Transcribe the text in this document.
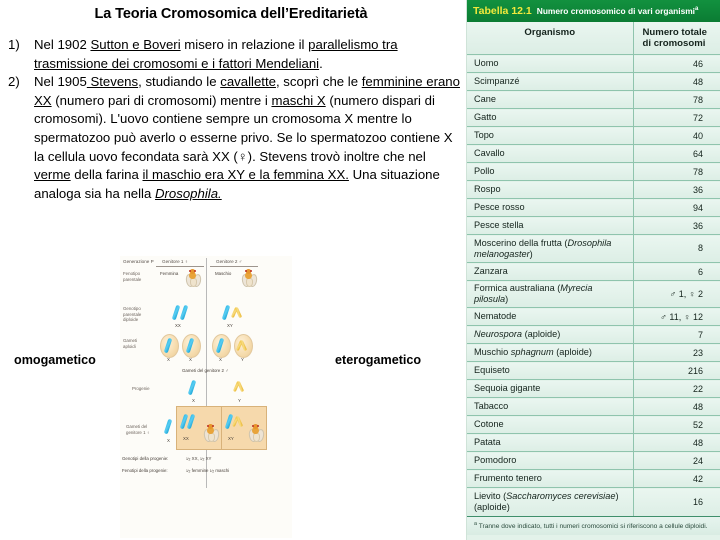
La Teoria Cromosomica dell’Ereditarietà
1)	Nel 1902 Sutton e Boveri misero in relazione il parallelismo tra trasmissione dei cromosomi e i fattori Mendeliani.
2)	Nel 1905 Stevens, studiando le cavallette, scoprì che le femminine erano XX (numero pari di cromosomi) mentre i maschi X (numero dispari di cromosomi). L'uovo contiene sempre un cromosoma X mentre lo spermatozoo può averlo o esserne privo. Se lo spermatozoo contiene X la cellula uovo fecondata sarà XX (♀). Stevens trovò inoltre che nel verme della farina il maschio era XY e la femmina XX. Una situazione analoga sia ha nella Drosophila.
omogametico	eterogametico
Generazione P Genitore 1 ♀	Genitore 2 ♂
Fenotipo
parentale
Femmina	Maschio
Genotipo
parentale
diploide
XX	XY
Gameti
aploidi
X	X	X	Y
Gameti del genitore 2 ♂
Progenie
X	Y
Gameti del
genitore 1 ♀
X	XX	XY
Genotipi della progenie:	1⁄2 XX, 1⁄2 XY
Fenotipi della progenie:	1⁄2 femmine 1⁄2 maschi
Tabella 12.1 Numero cromosomico di vari organismi$^a$
Organismo	Numero totale
di cromosomi
Uomo	46
Scimpanzé	48
Cane	78
Gatto	72
Topo	40
Cavallo	64
Pollo	78
Rospo	36
Pesce rosso	94
Pesce stella	36
Moscerino della frutta (Drosophila melanogaster)	8
Zanzara	6
Formica australiana (Myrecia pilosula)	♂ 1, ♀ 2
Nematode	♂ 11, ♀ 12
Neurospora (aploide)	7
Muschio sphagnum (aploide)	23
Equiseto	216
Sequoia gigante	22
Tabacco	48
Cotone	52
Patata	48
Pomodoro	24
Frumento tenero	42
Lievito (Saccharomyces cerevisiae) (aploide)	16
$^a$ Tranne dove indicato, tutti i numeri cromosomici si riferiscono a cellule diploidi.
